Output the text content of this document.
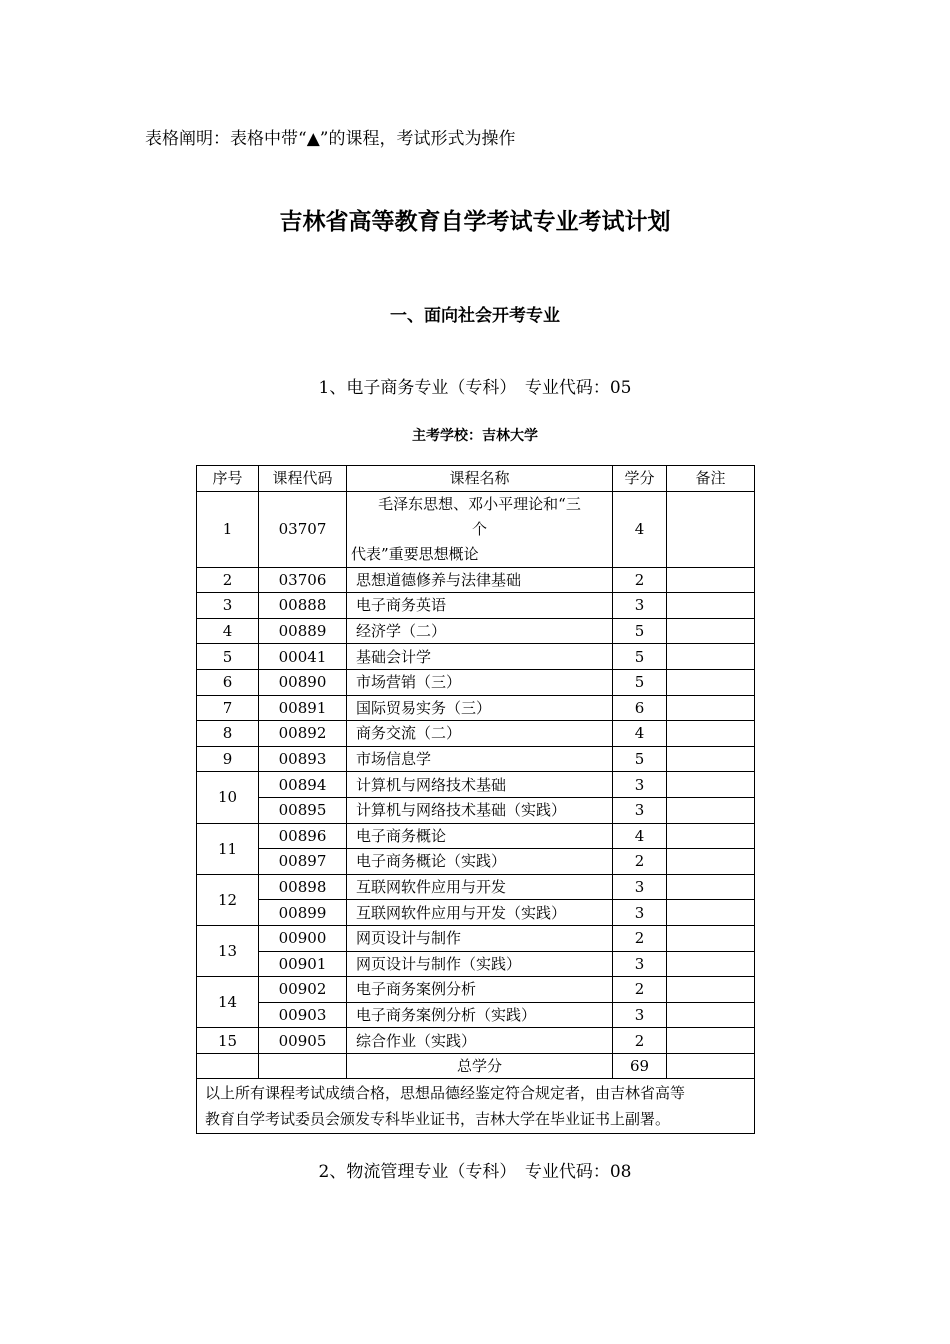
表格阐明：表格中带“▲”的课程，考试形式为操作
吉林省高等教育自学考试专业考试计划
一、面向社会开考专业
1、电子商务专业（专科）　专业代码：05
主考学校：吉林大学
序号	课程代码	课程名称	学分	备注
1	03707	毛泽东思想、邓小平理论和“三
个
代表”重要思想概论	4	
2	03706	思想道德修养与法律基础	2	
3	00888	电子商务英语	3	
4	00889	经济学（二）	5	
5	00041	基础会计学	5	
6	00890	市场营销（三）	5	
7	00891	国际贸易实务（三）	6	
8	00892	商务交流（二）	4	
9	00893	市场信息学	5	
10	00894	计算机与网络技术基础	3	
	00895	计算机与网络技术基础（实践）	3	
11	00896	电子商务概论	4	
	00897	电子商务概论（实践）	2	
12	00898	互联网软件应用与开发	3	
	00899	互联网软件应用与开发（实践）	3	
13	00900	网页设计与制作	2	
	00901	网页设计与制作（实践）	3	
14	00902	电子商务案例分析	2	
	00903	电子商务案例分析（实践）	3	
15	00905	综合作业（实践）	2	
		总学分	69	

以上所有课程考试成绩合格，思想品德经鉴定符合规定者，由吉林省高等
教育自学考试委员会颁发专科毕业证书，吉林大学在毕业证书上副署。				
2、物流管理专业（专科）　专业代码：08
